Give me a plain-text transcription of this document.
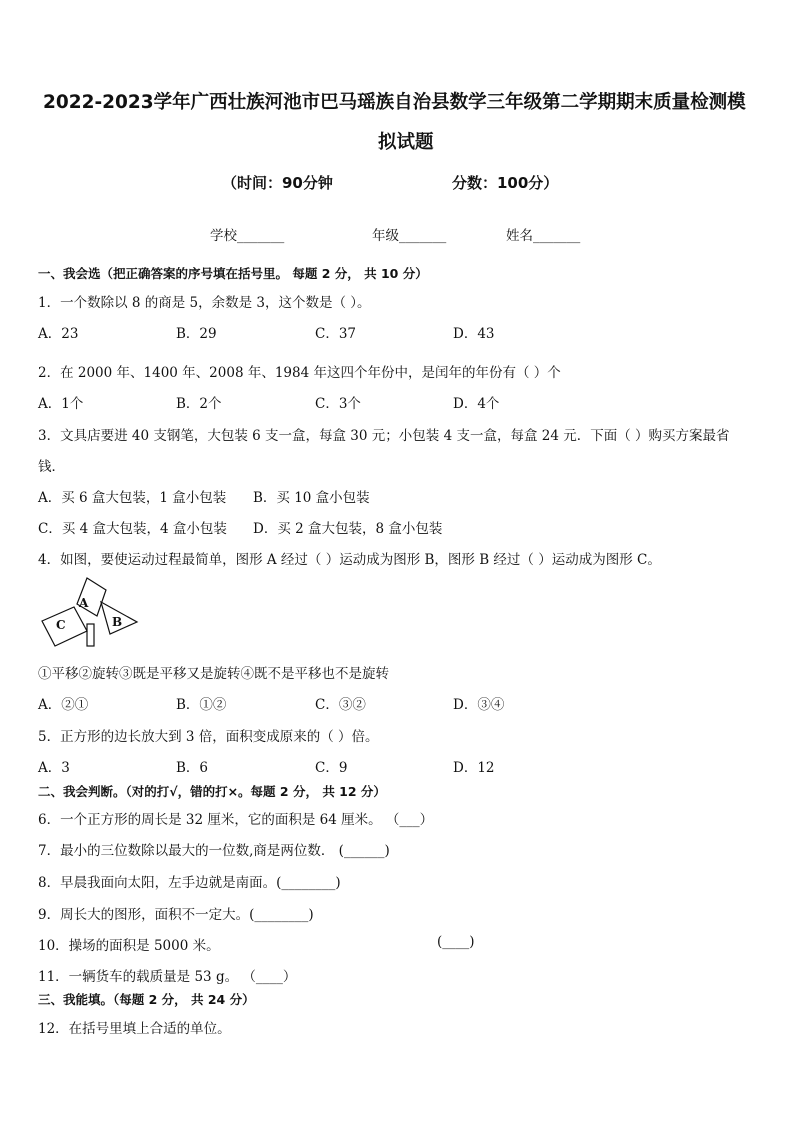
2022-2023学年广西壮族河池市巴马瑶族自治县数学三年级第二学期期末质量检测模
拟试题
（时间：90分钟	分数：100分）
学校_______	年级_______	姓名_______
一、我会选（把正确答案的序号填在括号里。 每题 2 分， 共 10 分）
1．一个数除以 8 的商是 5，余数是 3，这个数是（ ）。
A．23	B．29	C．37	D．43
2．在 2000 年、1400 年、2008 年、1984 年这四个年份中，是闰年的年份有（ ）个
A．1个	B．2个	C．3个	D．4个
3．文具店要进 40 支钢笔，大包装 6 支一盒，每盒 30 元；小包装 4 支一盒，每盒 24 元．下面（ ）购买方案最省
钱．
A．买 6 盒大包装，1 盒小包装 B．买 10 盒小包装
C．买 4 盒大包装，4 盒小包装 D．买 2 盒大包装，8 盒小包装
4．如图，要使运动过程最简单，图形 A 经过（ ）运动成为图形 B，图形 B 经过（ ）运动成为图形 C。
A
B
C
①平移②旋转③既是平移又是旋转④既不是平移也不是旋转
A．②①	B．①②	C．③②	D．③④
5．正方形的边长放大到 3 倍，面积变成原来的（ ）倍。
A．3	B．6	C．9	D．12
二、我会判断。（对的打√，错的打×。每题 2 分， 共 12 分）
6．一个正方形的周长是 32 厘米，它的面积是 64 厘米。 （___）
7．最小的三位数除以最大的一位数,商是两位数． (______)
8．早晨我面向太阳，左手边就是南面。(________)
9．周长大的图形，面积不一定大。(________)
10．操场的面积是 5000 米。	(____)
11．一辆货车的载质量是 53 g。 （____）
三、我能填。（每题 2 分， 共 24 分）
12．在括号里填上合适的单位。
